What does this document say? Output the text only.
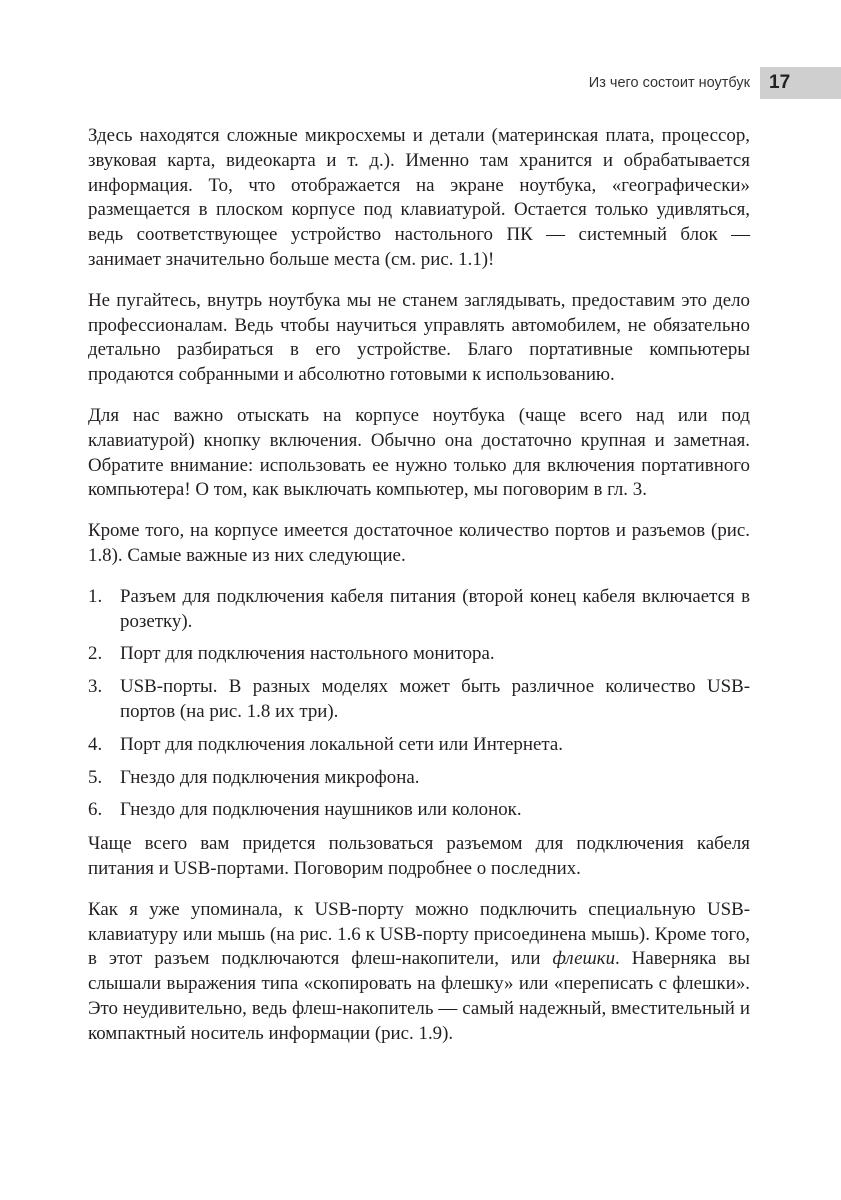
Из чего состоит ноутбук	17

Здесь находятся сложные микросхемы и детали (материнская плата, процессор, звуковая карта, видеокарта и т. д.). Именно там хранится и обрабатывается информация. То, что отображается на экране ноутбука, «географически» размещается в плоском корпусе под клавиатурой. Остается только удивляться, ведь соответствующее устройство настольного ПК — системный блок — занимает значительно больше места (см. рис. 1.1)!

Не пугайтесь, внутрь ноутбука мы не станем заглядывать, предоставим это дело профессионалам. Ведь чтобы научиться управлять автомобилем, не обязательно детально разбираться в его устройстве. Благо портативные компьютеры продаются собранными и абсолютно готовыми к использованию.

Для нас важно отыскать на корпусе ноутбука (чаще всего над или под клавиатурой) кнопку включения. Обычно она достаточно крупная и заметная. Обратите внимание: использовать ее нужно только для включения портативного компьютера! О том, как выключать компьютер, мы поговорим в гл. 3.

Кроме того, на корпусе имеется достаточное количество портов и разъемов (рис. 1.8). Самые важные из них следующие.

1. Разъем для подключения кабеля питания (второй конец кабеля включается в розетку).
2. Порт для подключения настольного монитора.
3. USB-порты. В разных моделях может быть различное количество USB-портов (на рис. 1.8 их три).
4. Порт для подключения локальной сети или Интернета.
5. Гнездо для подключения микрофона.
6. Гнездо для подключения наушников или колонок.

Чаще всего вам придется пользоваться разъемом для подключения кабеля питания и USB-портами. Поговорим подробнее о последних.

Как я уже упоминала, к USB-порту можно подключить специальную USB-клавиатуру или мышь (на рис. 1.6 к USB-порту присоединена мышь). Кроме того, в этот разъем подключаются флеш-накопители, или флешки. Наверняка вы слышали выражения типа «скопировать на флешку» или «переписать с флешки». Это неудивительно, ведь флеш-накопитель — самый надежный, вместительный и компактный носитель информации (рис. 1.9).
